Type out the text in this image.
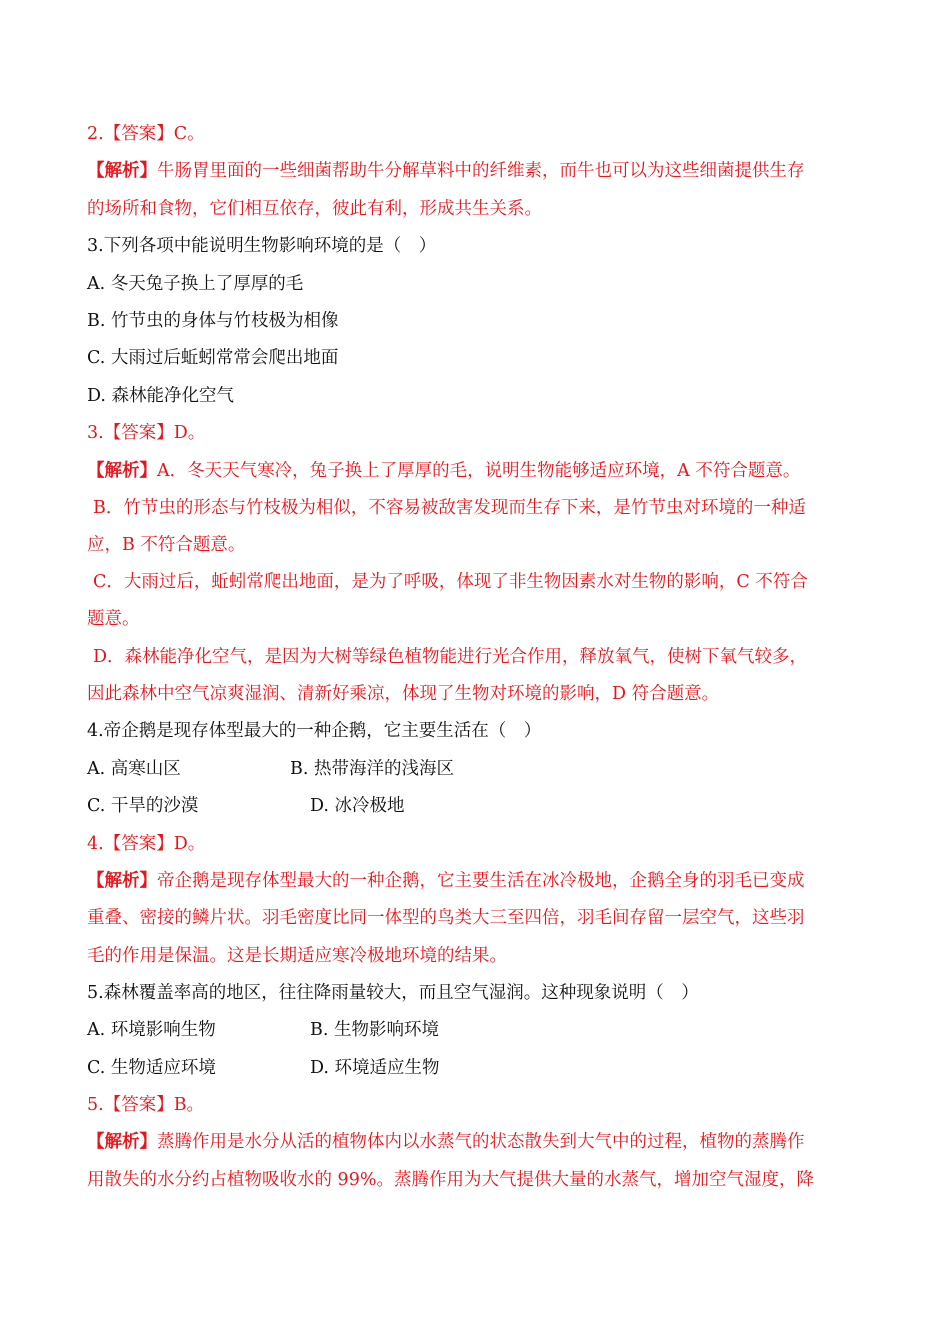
2.【答案】C。
【解析】牛肠胃里面的一些细菌帮助牛分解草料中的纤维素，而牛也可以为这些细菌提供生存
的场所和食物，它们相互依存，彼此有利，形成共生关系。
3.下列各项中能说明生物影响环境的是（　）
A. 冬天兔子换上了厚厚的毛
B. 竹节虫的身体与竹枝极为相像
C. 大雨过后蚯蚓常常会爬出地面
D. 森林能净化空气
3.【答案】D。
【解析】A．冬天天气寒冷，兔子换上了厚厚的毛，说明生物能够适应环境，A 不符合题意。
B．竹节虫的形态与竹枝极为相似，不容易被敌害发现而生存下来，是竹节虫对环境的一种适
应，B 不符合题意。
C．大雨过后，蚯蚓常爬出地面，是为了呼吸，体现了非生物因素水对生物的影响，C 不符合
题意。
D．森林能净化空气，是因为大树等绿色植物能进行光合作用，释放氧气，使树下氧气较多，
因此森林中空气凉爽湿润、清新好乘凉，体现了生物对环境的影响，D 符合题意。
4.帝企鹅是现存体型最大的一种企鹅，它主要生活在（　）
A. 高寒山区	B. 热带海洋的浅海区
C. 干旱的沙漠	D. 冰冷极地
4.【答案】D。
【解析】帝企鹅是现存体型最大的一种企鹅，它主要生活在冰冷极地，企鹅全身的羽毛已变成
重叠、密接的鳞片状。羽毛密度比同一体型的鸟类大三至四倍，羽毛间存留一层空气，这些羽
毛的作用是保温。这是长期适应寒冷极地环境的结果。
5.森林覆盖率高的地区，往往降雨量较大，而且空气湿润。这种现象说明（　）
A. 环境影响生物	B. 生物影响环境
C. 生物适应环境	D. 环境适应生物
5.【答案】B。
【解析】蒸腾作用是水分从活的植物体内以水蒸气的状态散失到大气中的过程，植物的蒸腾作
用散失的水分约占植物吸收水的 99%。蒸腾作用为大气提供大量的水蒸气，增加空气湿度，降
